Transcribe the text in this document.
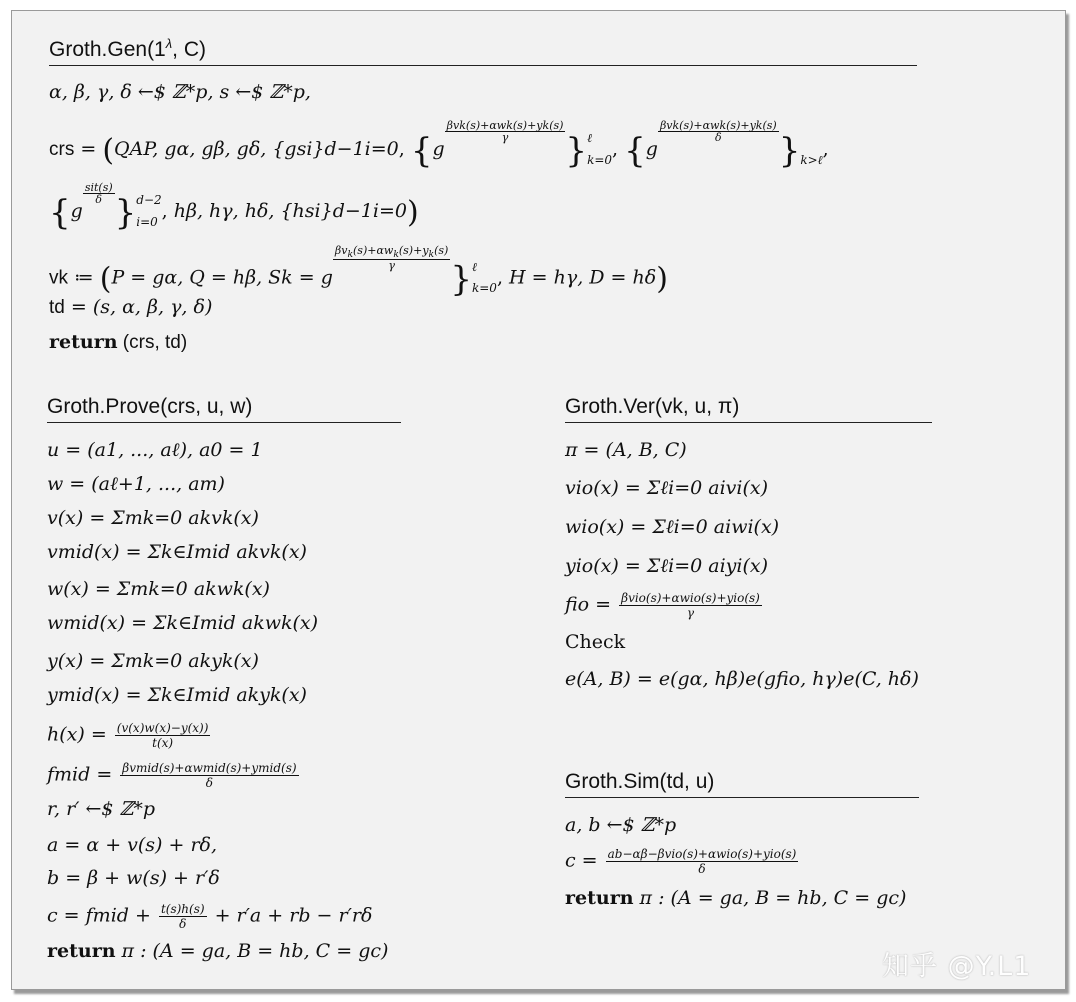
$Groth.Gen(1^\lambda$, C)
α, β, γ, δ ←$ ℤ*p, s ←$ ℤ*p,
crs = (QAP, gα, gβ, gδ, {gsi}d−1i=0, {g
$\frac{\text{βvk(s)+αwk(s)+yk(s)}}{\gamma}$ } ℓ
k=0 , {g
$\frac{\text{βvk(s)+αwk(s)+yk(s)}}{\delta}$ }
k>ℓ ,
{g
$\frac{\text{sit(s)}}{\delta}$ } d−2
i=0 , hβ, hγ, hδ, {hsi}d−1i=0)
vk ≔ (P = gα, Q = hβ, Sk = g
$\frac{\beta v_k(s)+\alpha w_k(s)+y_k(s)}{\gamma}$
} ℓ
k=0 , H = hγ, D = hδ)
td = (s, α, β, γ, δ)
return (crs, td)
Groth.Prove(crs, u, w)
u = (a1, ..., aℓ), a0 = 1
w = (aℓ+1, ..., am)
v(x) = Σmk=0 akvk(x)
vmid(x) = Σk∈Imid akvk(x)
w(x) = Σmk=0 akwk(x)
wmid(x) = Σk∈Imid akwk(x)
y(x) = Σmk=0 akyk(x)
ymid(x) = Σk∈Imid akyk(x)
$h(x) = \frac{(v(x)w(x)-y(x))}{t(x)}$
fmid = $\frac{\text{βvmid(s)+αwmid(s)+ymid(s)}}{\delta}$
r, r′ ←$ ℤ*p
a = α + v(s) + rδ,
b = β + w(s) + r′δ
c = fmid + $\frac{t(s)h(s)}{\delta} + r'a$ + rb − r′rδ
return π : (A = ga, B = hb, C = gc)
Groth.Ver(vk, u, π)
π = (A, B, C)
vio(x) = Σℓi=0 aivi(x)
wio(x) = Σℓi=0 aiwi(x)
yio(x) = Σℓi=0 aiyi(x)
fio = $\frac{\text{βvio(s)+αwio(s)+yio(s)}}{\gamma}$
Check
e(A, B) = e(gα, hβ)e(gfio, hγ)e(C, hδ)
Groth.Sim(td, u)
a, b ←$ ℤ*p
$c = \frac{\text{ab−αβ−βvio(s)+αwio(s)+yio(s)}}{\delta}$
return π : (A = ga, B = hb, C = gc)
知乎 @Y.L1
